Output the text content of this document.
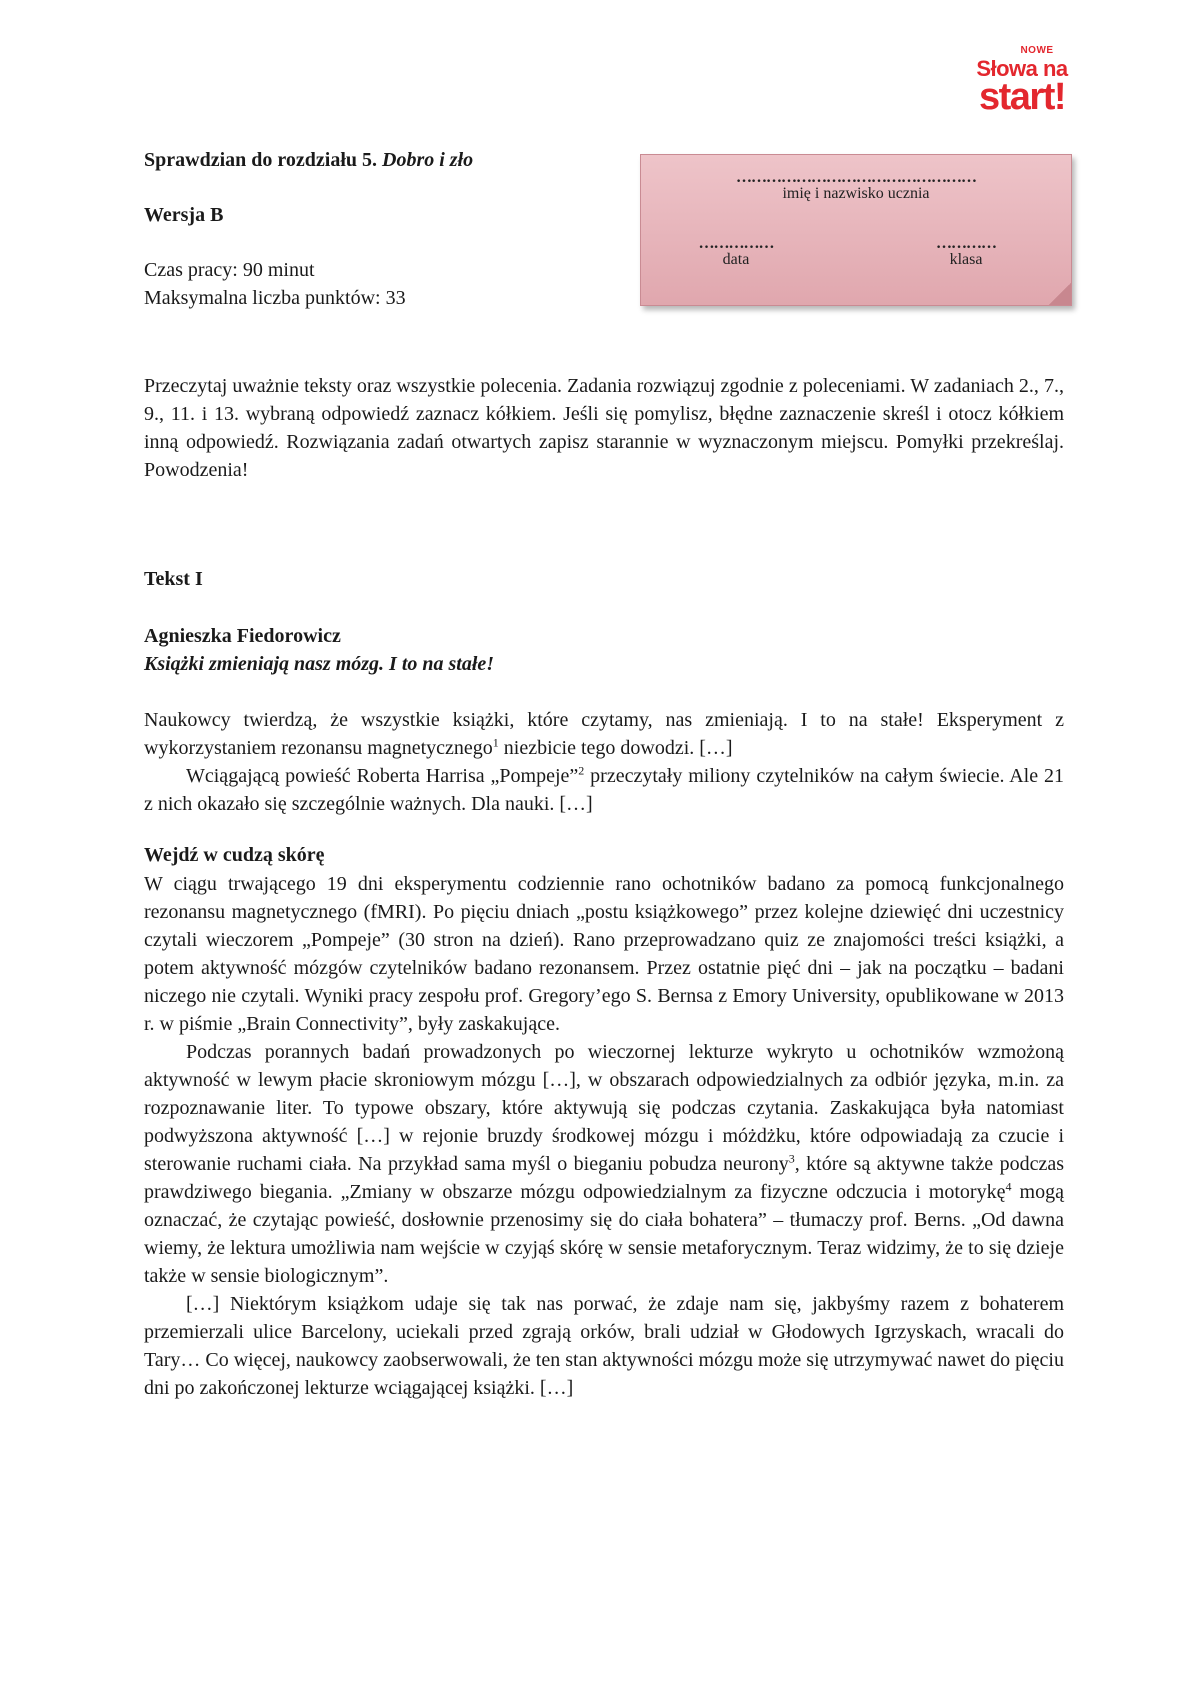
NOWE
Słowa na
start!
Sprawdzian do rozdziału 5. Dobro i zło
Wersja B
Czas pracy: 90 minut
Maksymalna liczba punktów: 33
…………………………………………
imię i nazwisko ucznia
……………
data
…………
klasa
Przeczytaj uważnie teksty oraz wszystkie polecenia. Zadania rozwiązuj zgodnie z poleceniami. W zadaniach 2., 7., 9., 11. i 13. wybraną odpowiedź zaznacz kółkiem. Jeśli się pomylisz, błędne zaznaczenie skreśl i otocz kółkiem inną odpowiedź. Rozwiązania zadań otwartych zapisz starannie w wyznaczonym miejscu. Pomyłki przekreślaj. Powodzenia!
Tekst I
Agnieszka Fiedorowicz
Książki zmieniają nasz mózg. I to na stałe!

Naukowcy twierdzą, że wszystkie książki, które czytamy, nas zmieniają. I to na stałe! Eksperyment z wykorzystaniem rezonansu magnetycznego$^1$ niezbicie tego dowodzi. […]

Wciągającą powieść Roberta Harrisa „Pompeje”$^2$ przeczytały miliony czytelników na całym świecie. Ale 21 z nich okazało się szczególnie ważnych. Dla nauki. […]

Wejdź w cudzą skórę

W ciągu trwającego 19 dni eksperymentu codziennie rano ochotników badano za pomocą funkcjonalnego rezonansu magnetycznego (fMRI). Po pięciu dniach „postu książkowego” przez kolejne dziewięć dni uczestnicy czytali wieczorem „Pompeje” (30 stron na dzień). Rano przeprowadzano quiz ze znajomości treści książki, a potem aktywność mózgów czytelników badano rezonansem. Przez ostatnie pięć dni – jak na początku – badani niczego nie czytali. Wyniki pracy zespołu prof. Gregory’ego S. Bernsa z Emory University, opublikowane w 2013 r. w piśmie „Brain Connectivity”, były zaskakujące.

Podczas porannych badań prowadzonych po wieczornej lekturze wykryto u ochotników wzmożoną aktywność w lewym płacie skroniowym mózgu […], w obszarach odpowiedzialnych za odbiór języka, m.in. za rozpoznawanie liter. To typowe obszary, które aktywują się podczas czytania. Zaskakująca była natomiast podwyższona aktywność […] w rejonie bruzdy środkowej mózgu i móżdżku, które odpowiadają za czucie i sterowanie ruchami ciała. Na przykład sama myśl o bieganiu pobudza neurony$^3$, które są aktywne także podczas prawdziwego biegania. „Zmiany w obszarze mózgu odpowiedzialnym za fizyczne odczucia i motorykę$^4$ mogą oznaczać, że czytając powieść, dosłownie przenosimy się do ciała bohatera” – tłumaczy prof. Berns. „Od dawna wiemy, że lektura umożliwia nam wejście w czyjąś skórę w sensie metaforycznym. Teraz widzimy, że to się dzieje także w sensie biologicznym”.

[…] Niektórym książkom udaje się tak nas porwać, że zdaje nam się, jakbyśmy razem z bohaterem przemierzali ulice Barcelony, uciekali przed zgrają orków, brali udział w Głodowych Igrzyskach, wracali do Tary… Co więcej, naukowcy zaobserwowali, że ten stan aktywności mózgu może się utrzymywać nawet do pięciu dni po zakończonej lekturze wciągającej książki. […]
